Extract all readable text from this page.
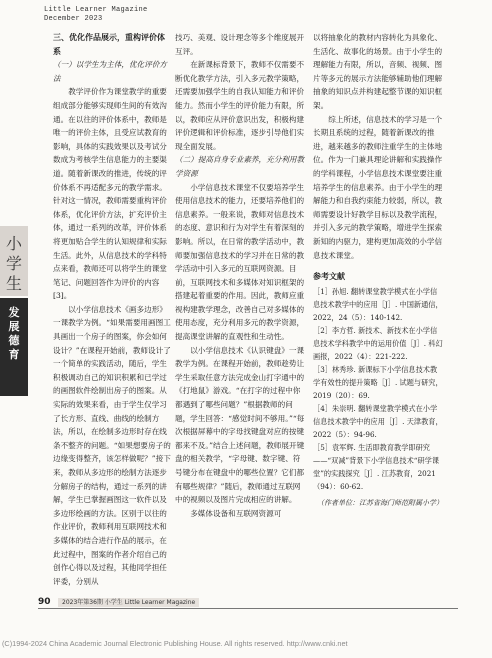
Little Learner Magazine
December 2023
小学生
发展德育

三、优化作品展示，重构评价体系

（一）以学生为主体，优化评价方法

教学评价作为课堂教学的重要组成部分能够实现师生间的有效沟通。在以往的评价体系中，教师是唯一的评价主体，且受应试教育的影响，具体的实践效果以及考试分数成为考核学生信息能力的主要渠道。随着新课改的推进，传统的评价体系不再适配多元的教学需求。针对这一情况，教师需要重构评价体系，优化评价方法，扩充评价主体，通过一系列的改革，评价体系将更加贴合学生的认知规律和实际生活。此外，从信息技术的学科特点来看，教师还可以将学生的课堂笔记、问题回答作为评价的内容[3]。

以小学信息技术《画多边形》一课教学为例。“如果需要用画图工具画出一个房子的图案，你会如何设计？”在课程开始前，教师设计了一个简单的实践活动，随后，学生积极调动自己的知识积累和已学过的画图软件绘制出房子的图案。从实际的效果来看，由于学生仅学习了长方形、直线、曲线的绘制方法，所以，在绘制多边形时存在线条不整齐的问题。“如果想要房子的边缘变得整齐，该怎样做呢？”接下来，教师从多边形的绘制方法逐步分解房子的结构，通过一系列的讲解，学生已掌握画图这一软件以及多边形绘画的方法。区别于以往的作业评价，教师利用互联网技术和多媒体的结合进行作品的展示，在此过程中，图案的作者介绍自己的创作心得以及过程，其他同学担任评委，分别从

技巧、美观、设计理念等多个维度展开互评。

在新课标背景下，教师不仅需要不断优化教学方法，引入多元教学策略，还需要加强学生的自我认知能力和评价能力。然而小学生的评价能力有限，所以，教师应从评价意识出发，积极构建评价逻辑和评价标准，逐步引导他们实现全面发展。

（二）提高自身专业素养，充分利用教学资源

小学信息技术课堂不仅要培养学生使用信息技术的能力，还要培养他们的信息素养。一般来说，教师对信息技术的态度、意识和行为对学生有着深刻的影响。所以，在日常的教学活动中，教师要加强信息技术的学习并在日常的教学活动中引入多元的互联网资源。目前，互联网技术和多媒体对知识框架的搭建起着重要的作用。因此，教师应重视构建教学理念，改善自己对多媒体的使用态度，充分利用多元的教学资源，提高课堂讲解的直观性和生动性。

以小学信息技术《认识键盘》一课教学为例。在课程开始前，教师趁势让学生采取任意方法完成金山打字通中的《打地鼠》游戏。“在打字的过程中你都遇到了哪些问题？”根据教师的问题，学生回答：“感觉时间不够用。”“每次根据屏幕中的字母找键盘对应的按键都来不及。”结合上述问题，教师展开键盘的相关教学，“字母键、数字键、符号键分布在键盘中的哪些位置？它们都有哪些规律？”随后，教师通过互联网中的视频以及图片完成相应的讲解。

多媒体设备和互联网资源可

以将抽象化的教材内容转化为具象化、生活化、故事化的场景。由于小学生的理解能力有限，所以，音频、视频、图片等多元的展示方法能够辅助他们理解抽象的知识点并构建起整节课的知识框架。

综上所述，信息技术的学习是一个长期且系统的过程，随着新课改的推进，越来越多的教师注重学生的主体地位。作为一门兼具理论讲解和实践操作的学科课程，小学信息技术课堂要注重培养学生的信息素养。由于小学生的理解能力和自我约束能力较弱，所以，教师需要设计好教学目标以及教学流程，并引入多元的教学策略，增进学生探索新知的内驱力，建构更加高效的小学信息技术课堂。

参考文献

［1］孙旭. 翻转课堂教学模式在小学信息技术教学中的应用［J］. 中国新通信，2022，24（5）：140-142.

［2］李方哲. 新技术、新技术在小学信息技术学科教学中的运用价值［J］. 科幻画报，2022（4）：221-222.

［3］林秀珍. 新课标下小学信息技术教学有效性的提升策略［J］. 试题与研究，2019（20）：69.

［4］朱崇明. 翻转课堂教学模式在小学信息技术教学中的应用［J］. 天津教育，2022（5）：94-96.

［5］袁军辉. 生活即教育教学即研究——“双减”背景下小学信息技术“研学课堂”的实践探究［J］. 江苏教育，2021（94）：60-62.

（作者单位：江苏省海门师范附属小学）
90	2023年第36期 小学生 Little Learner Magazine
(C)1994-2024 China Academic Journal Electronic Publishing House. All rights reserved. http://www.cnki.net
